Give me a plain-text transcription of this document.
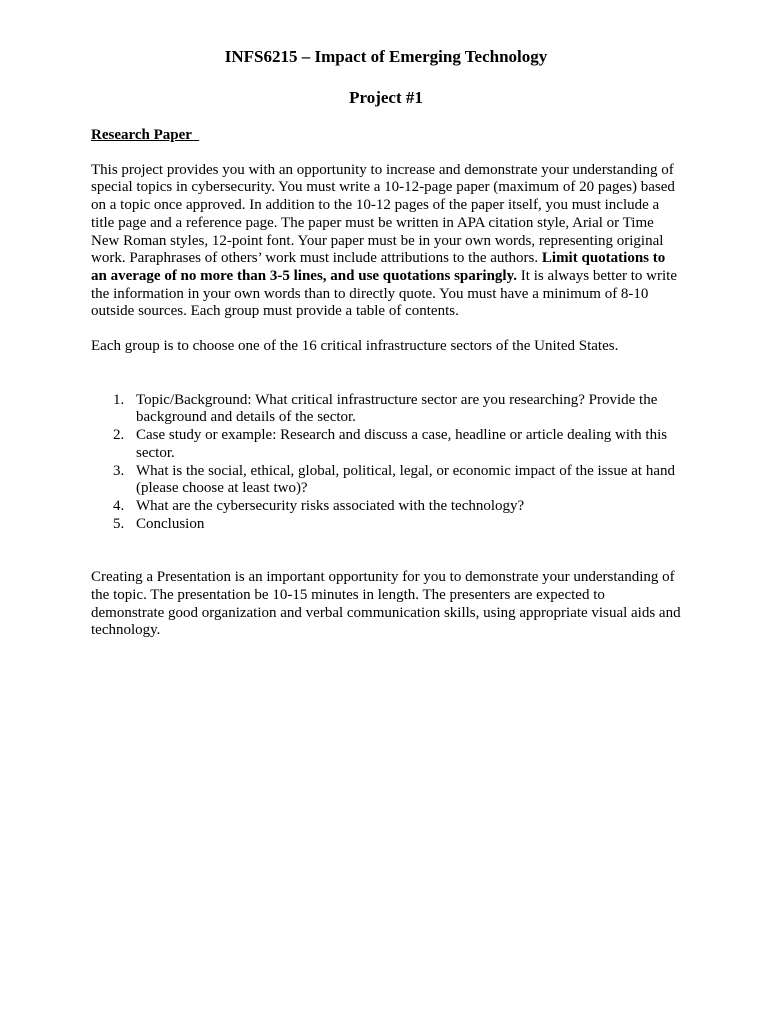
INFS6215 – Impact of Emerging Technology
Project #1
Research Paper

This project provides you with an opportunity to increase and demonstrate your understanding of special topics in cybersecurity. You must write a 10-12-page paper (maximum of 20 pages) based on a topic once approved. In addition to the 10-12 pages of the paper itself, you must include a title page and a reference page. The paper must be written in APA citation style, Arial or Time New Roman styles, 12-point font. Your paper must be in your own words, representing original work. Paraphrases of others’ work must include attributions to the authors. Limit quotations to an average of no more than 3-5 lines, and use quotations sparingly. It is always better to write the information in your own words than to directly quote. You must have a minimum of 8-10 outside sources. Each group must provide a table of contents.

Each group is to choose one of the 16 critical infrastructure sectors of the United States.

1. Topic/Background: What critical infrastructure sector are you researching? Provide the background and details of the sector.
2. Case study or example: Research and discuss a case, headline or article dealing with this sector.
3. What is the social, ethical, global, political, legal, or economic impact of the issue at hand (please choose at least two)?
4. What are the cybersecurity risks associated with the technology?
5. Conclusion

Creating a Presentation is an important opportunity for you to demonstrate your understanding of the topic. The presentation be 10-15 minutes in length. The presenters are expected to demonstrate good organization and verbal communication skills, using appropriate visual aids and technology.
